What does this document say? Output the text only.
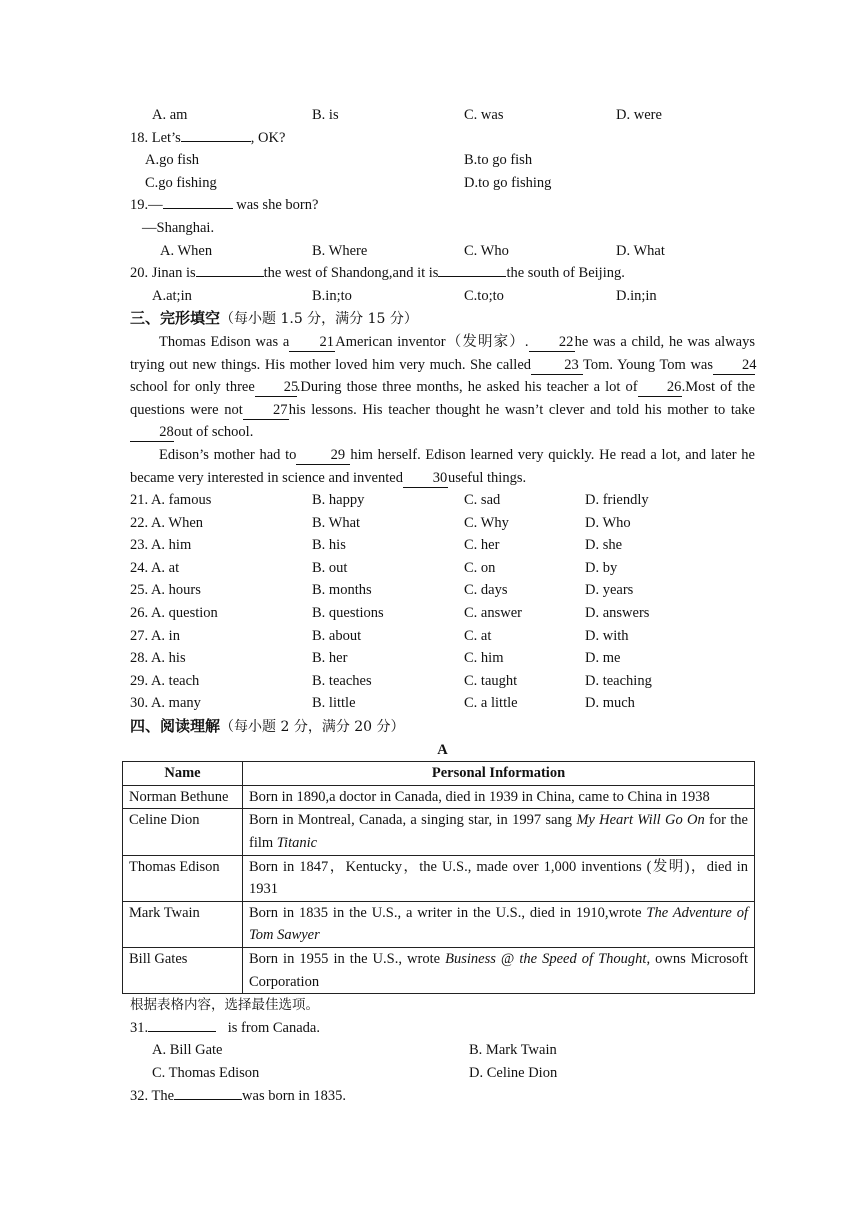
A. am	B. is	C. was	D. were
18. Let’s	, OK?
A.go fish	B.to go fish
C.go fishing	D.to go fishing
19.—	was she born?
—Shanghai.
A. When	B. Where	C. Who	D. What
20. Jinan is	the west of Shandong,and it is	the south of Beijing.
A.at;in	B.in;to	C.to;to	D.in;in
三、完形填空（每小题 1.5 分，满分 15 分）
Thomas Edison was a 21American inventor（发明家）. 22he was a child, he was always trying out new things. His mother loved him very much. She called 23 Tom. Young Tom was 24school for only three 25.During those three months, he asked his teacher a lot of 26.Most of the questions were not 27his lessons. His teacher thought he wasn’t clever and told his mother to take28out of school.
Edison’s mother had to 29 him herself. Edison learned very quickly. He read a lot, and later he became very interested in science and invented 30useful things.
21. A. famous	B. happy	C. sad	D. friendly
22. A. When	B. What	C. Why	D. Who
23. A. him	B. his	C. her	D. she
24. A. at	B. out	C. on	D. by
25. A. hours	B. months	C. days	D. years
26. A. question	B. questions	C. answer	D. answers
27. A. in	B. about	C. at	D. with
28. A. his	B. her	C. him	D. me
29. A. teach	B. teaches	C. taught	D. teaching
30. A. many	B. little	C. a little	D. much
四、阅读理解（每小题 2 分，满分 20 分）
A
Name	Personal Information
Norman Bethune	Born in 1890,a doctor in Canada, died in 1939 in China, came to China in 1938
Celine Dion	Born in Montreal, Canada, a singing star, in 1997 sang My Heart Will Go On for the film Titanic
Thomas Edison	Born in 1847，Kentucky，the U.S., made over 1,000 inventions (发明)，died in 1931
Mark Twain	Born in 1835 in the U.S., a writer in the U.S., died in 1910,wrote The Adventure of Tom Sawyer
Bill Gates	Born in 1955 in the U.S., wrote Business @ the Speed of Thought, owns Microsoft Corporation
根据表格内容，选择最佳选项。
31.	is from Canada.
A. Bill Gate	B. Mark Twain
C. Thomas Edison	D. Celine Dion
32. The	was born in 1835.
